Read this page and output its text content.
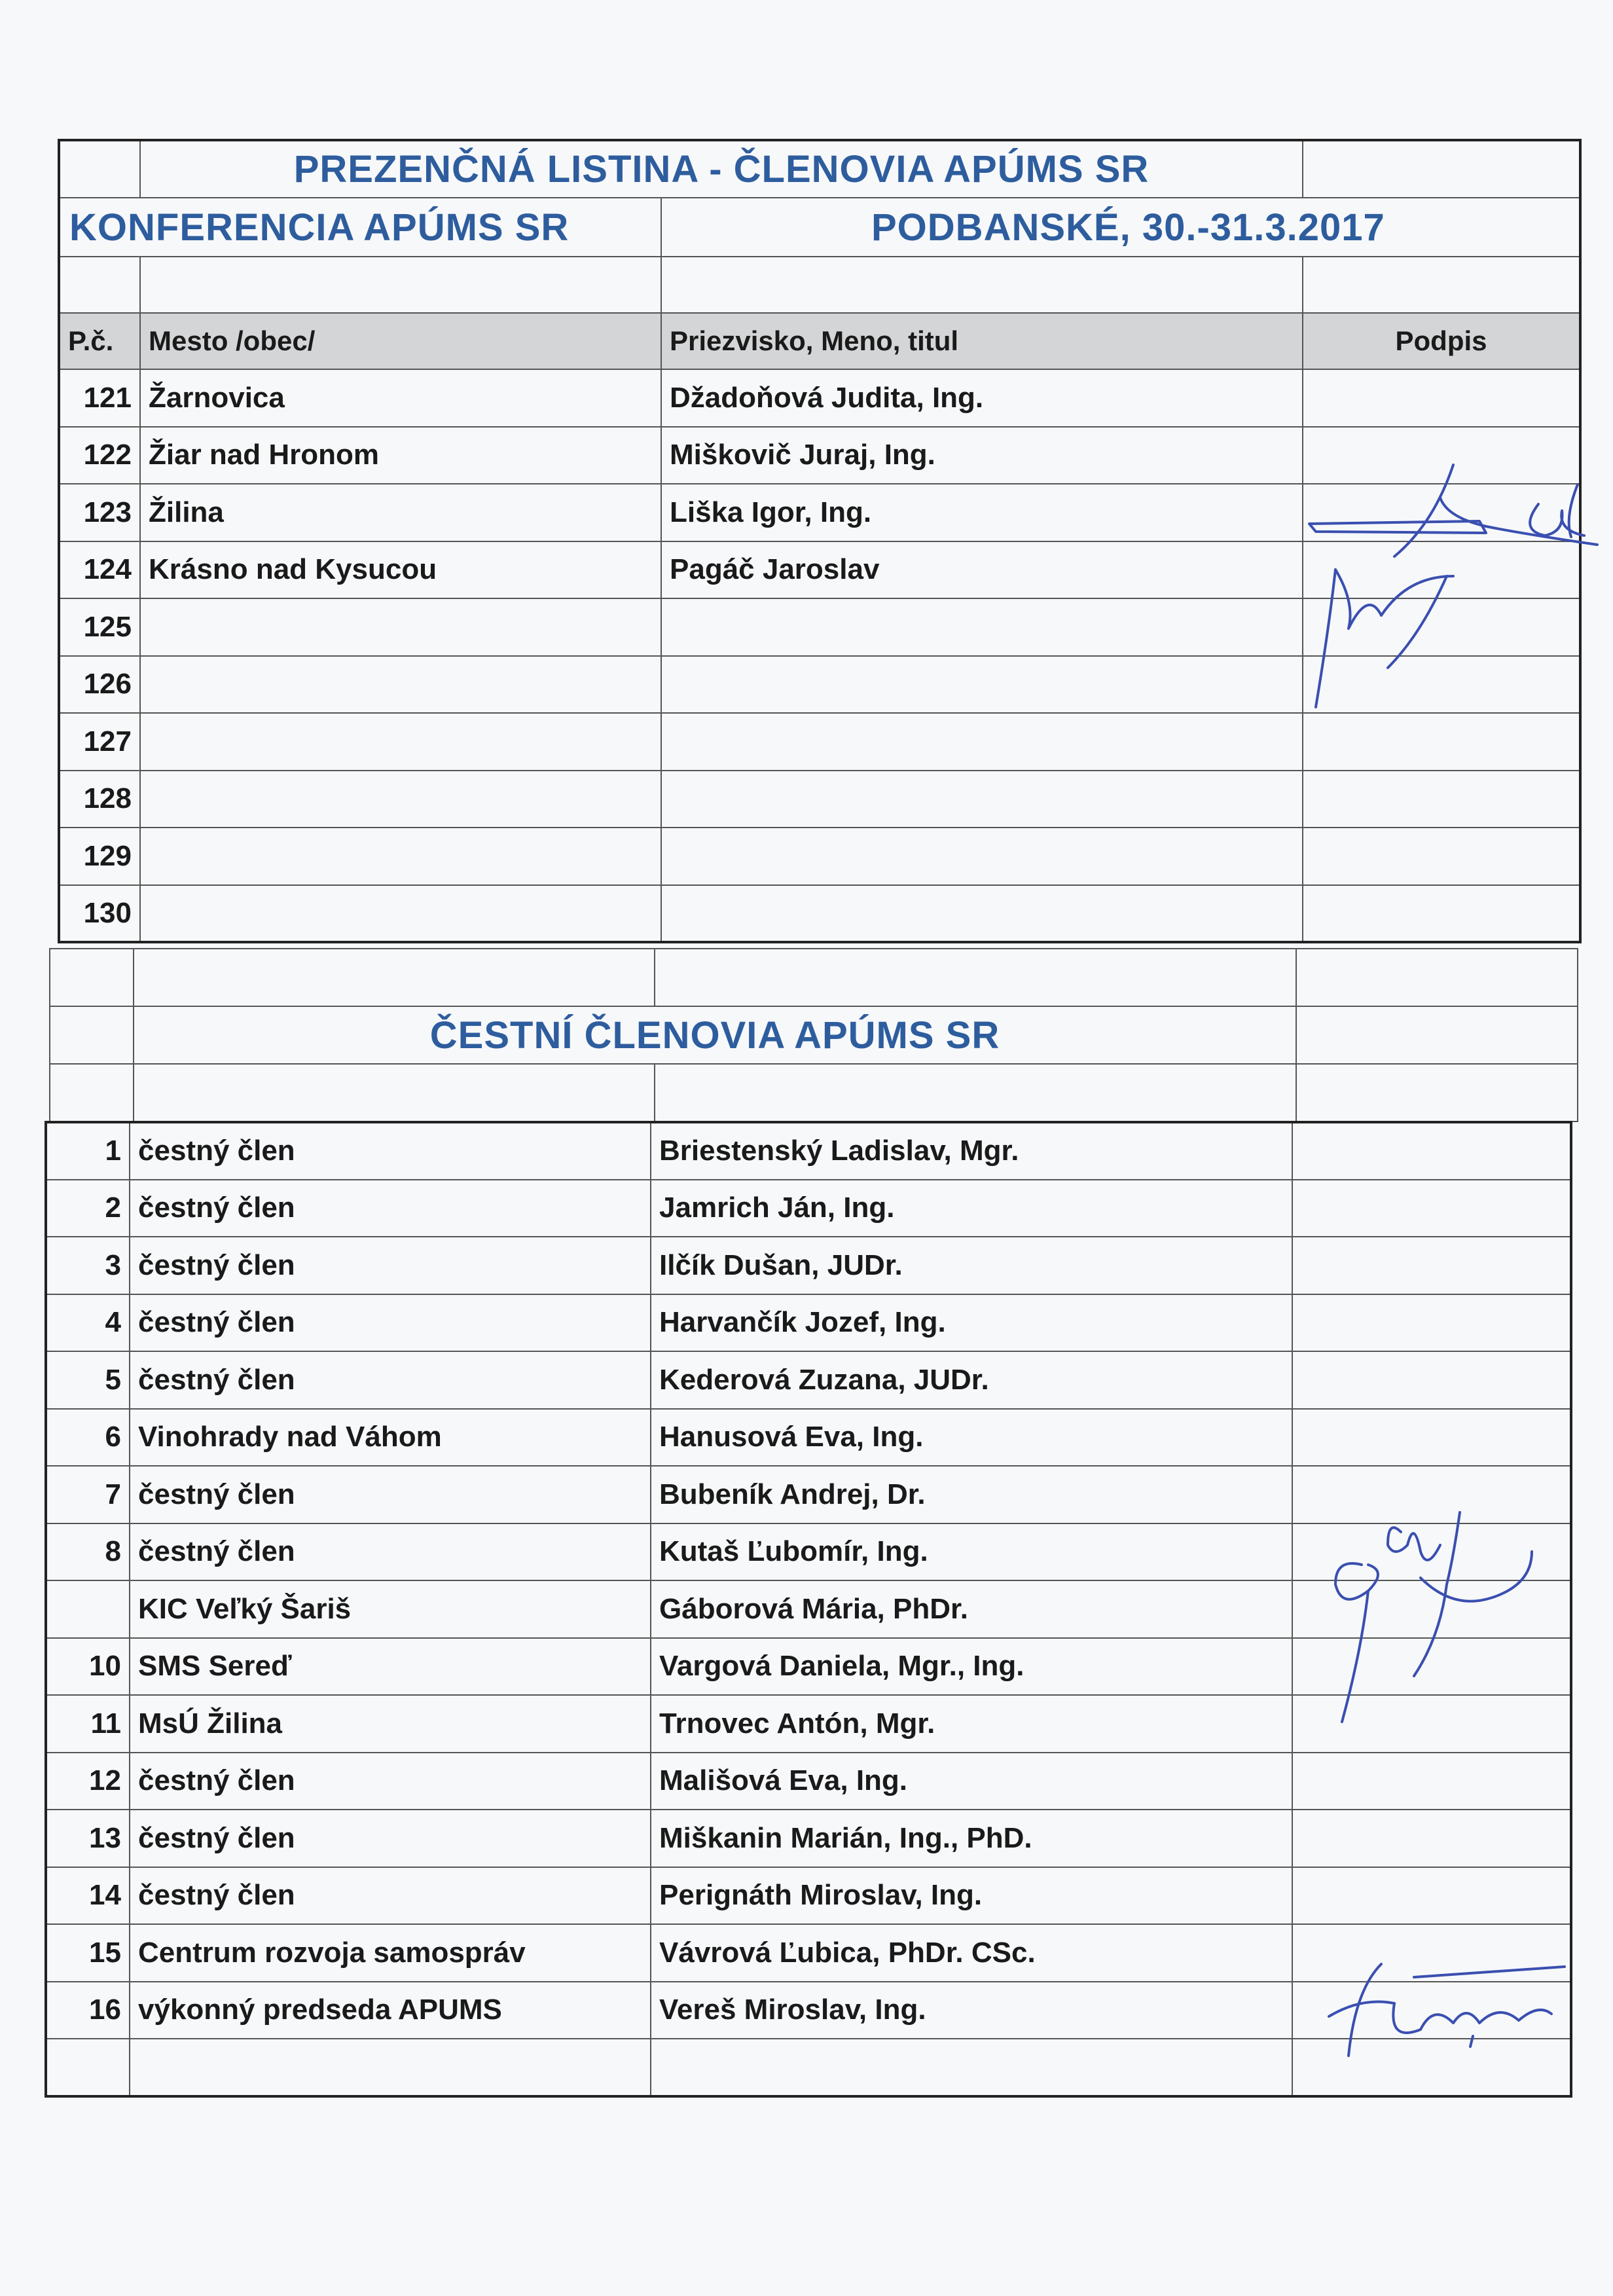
	PREZENČNÁ LISTINA - ČLENOVIA APÚMS SR		
KONFERENCIA APÚMS SR		PODBANSKÉ, 30.-31.3.2017	

P.č.	Mesto /obec/	Priezvisko, Meno, titul	Podpis
121	Žarnovica	Džadoňová Judita, Ing.	
122	Žiar nad Hronom	Miškovič Juraj, Ing.	
123	Žilina	Liška Igor, Ing.	
124	Krásno nad Kysucou	Pagáč Jaroslav	
125			
126			
127			
128			
129			
130			

	ČESTNÍ ČLENOVIA APÚMS SR		

1	čestný člen	Briestenský Ladislav, Mgr.	
2	čestný člen	Jamrich Ján, Ing.	
3	čestný člen	Ilčík Dušan, JUDr.	
4	čestný člen	Harvančík Jozef, Ing.	
5	čestný člen	Kederová Zuzana, JUDr.	
6	Vinohrady nad Váhom	Hanusová Eva, Ing.	
7	čestný člen	Bubeník Andrej, Dr.	
8	čestný člen	Kutaš Ľubomír, Ing.	
	KIC Veľký Šariš	Gáborová Mária, PhDr.	
10	SMS Sereď	Vargová Daniela, Mgr., Ing.	
11	MsÚ Žilina	Trnovec Antón, Mgr.	
12	čestný člen	Mališová Eva, Ing.	
13	čestný člen	Miškanin Marián, Ing., PhD.	
14	čestný člen	Perignáth Miroslav, Ing.	
15	Centrum rozvoja samospráv	Vávrová Ľubica, PhDr. CSc.	
16	výkonný predseda APUMS	Vereš Miroslav, Ing.	
